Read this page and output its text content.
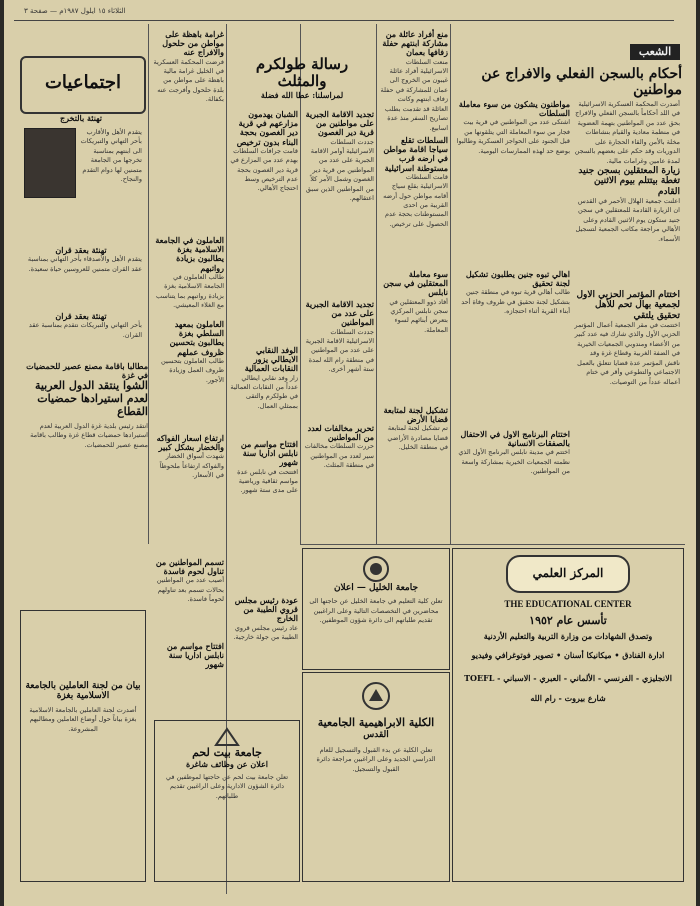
الثلاثاء ١٥ ايلول ١٩٨٧م — صفحة ٣
الشعب
أحكام بالسجن الفعلي والافراج عن مواطنين
أصدرت المحكمة العسكرية الاسرائيلية في اللد أحكاماً بالسجن الفعلي والافراج بحق عدد من المواطنين بتهمة العضوية في منظمة معادية والقيام بنشاطات مخلة بالأمن والقاء الحجارة على الدوريات وقد حكم على بعضهم بالسجن لمدة عامين وغرامات مالية.
زيارة المعتقلين بسجن جنيد تغطة بيتتلم بيوم الاثنين القادم
اعلنت جمعية الهلال الأحمر في القدس ان الزيارة القادمة للمعتقلين في سجن جنيد ستكون يوم الاثنين القادم وعلى الأهالي مراجعة مكاتب الجمعية لتسجيل الأسماء.
اختتام المؤتمر الحزبي الاول لجمعية بهال تحم للأهل تحقيق يلتقي
اختتمت في مقر الجمعية أعمال المؤتمر الحزبي الأول والذي شارك فيه عدد كبير من الأعضاء ومندوبي الجمعيات الخيرية في الضفة الغربية وقطاع غزة وقد ناقش المؤتمر عدة قضايا تتعلق بالعمل الاجتماعي والتطوعي وأقر في ختام أعماله عدداً من التوصيات.
مواطنون يشكون من سوء معاملة السلطات
اشتكى عدد من المواطنين في قرية بيت فجار من سوء المعاملة التي يتلقونها من قبل الجنود على الحواجز العسكرية وطالبوا بوضع حد لهذه الممارسات اليومية.
اهالي تبوه جنين يطلبون تشكيل لجنة تحقيق
طالب أهالي قرية تبوه في منطقة جنين بتشكيل لجنة تحقيق في ظروف وفاة أحد أبناء القرية أثناء احتجازه.
اختتام البرنامج الاول في الاحتفال بالصفقات الانسانية
اختتم في مدينة نابلس البرنامج الأول الذي نظمته الجمعيات الخيرية بمشاركة واسعة من المواطنين.
منع أفراد عائلة من مشاركة ابنتهم حفلة زفافها بعمان
منعت السلطات الاسرائيلية أفراد عائلة غيبون من الخروج الى عمان للمشاركة في حفلة زفاف ابنتهم وكانت العائلة قد تقدمت بطلب تصاريح السفر منذ عدة اسابيع.
السلطات تقلع سياجا اقامة مواطن في ارضه قرب مستوطنة اسرائيلية
قامت السلطات الاسرائيلية بقلع سياج أقامه مواطن حول أرضه القريبة من احدى المستوطنات بحجة عدم الحصول على ترخيص.
سوء معاملة المعتقلين في سجن نابلس
أفاد ذوو المعتقلين في سجن نابلس المركزي بتعرض أبنائهم لسوء المعاملة.
تشكيل لجنة لمتابعة قضايا الأرض
تم تشكيل لجنة لمتابعة قضايا مصادرة الأراضي في منطقة الخليل.
رسالة طولكرم والمثلث
لمراسلنا: عطا الله فضلة
تجديد الاقامة الجبرية على مواطنين من قرية دير الغصون
جددت السلطات الاسرائيلية أوامر الاقامة الجبرية على عدد من المواطنين من قرية دير الغصون وشمل الأمر كلاً من المواطنين الذين سبق اعتقالهم.
تجديد الاقامة الجبرية على عدد من المواطنين
جددت السلطات الاسرائيلية الاقامة الجبرية على عدد من المواطنين في منطقة رام الله لمدة ستة أشهر أخرى.
تحرير مخالفات لعدد من المواطنين
حررت السلطات مخالفات سير لعدد من المواطنين في منطقة المثلث.
الشبان يهدمون مزارعهم في قرية دير الغصون بحجة البناء بدون ترخيص
قامت جرافات السلطات بهدم عدد من المزارع في قرية دير الغصون بحجة عدم الترخيص وسط احتجاج الأهالي.
الوفد النقابي الايطالي يزور النقابات العمالية
زار وفد نقابي ايطالي عدداً من النقابات العمالية في طولكرم والتقى بممثلي العمال.
افتتاح مواسم من نابلس اداريا سنة شهور
افتتحت في نابلس عدة مواسم ثقافية ورياضية على مدى ستة شهور.
عودة رئيس مجلس قروي الطيبة من الخارج
عاد رئيس مجلس قروي الطيبة من جولة خارجية.
غرامة باهظة على مواطن من حلحول والافراج عنه
فرضت المحكمة العسكرية في الخليل غرامة مالية باهظة على مواطن من بلدة حلحول وأفرجت عنه بكفالة.
العاملون في الجامعة الاسلامية بغزة يطالبون بزيادة رواتبهم
طالب العاملون في الجامعة الاسلامية بغزة بزيادة رواتبهم بما يتناسب مع الغلاء المعيشي.
العاملون بمعهد السلطي بغزة يطالبون بتحسين ظروف عملهم
طالب العاملون بتحسين ظروف العمل وزيادة الأجور.
ارتفاع اسعار الفواكه والخضار بشكل كبير
شهدت أسواق الخضار والفواكه ارتفاعاً ملحوظاً في الأسعار.
تسمم المواطنين من تناول لحوم فاسدة
أصيب عدد من المواطنين بحالات تسمم بعد تناولهم لحوماً فاسدة.
افتتاح مواسم من نابلس اداريا سنة شهور
اجتماعيات
تهنئة بالتخرج
يتقدم الأهل والأقارب بأحر التهاني والتبريكات الى ابنتهم بمناسبة تخرجها من الجامعة متمنين لها دوام التقدم والنجاح.
تهنئة بعقد قران
يتقدم الأهل والأصدقاء بأحر التهاني بمناسبة عقد القران متمنين للعروسين حياة سعيدة.
تهنئة بعقد قران
بأحر التهاني والتبريكات نتقدم بمناسبة عقد القران.
مطالبا باقامة مصنع عصير للحمضيات في غزة
الشوا ينتقد الدول العربية لعدم استيرادها حمضيات القطاع
انتقد رئيس بلدية غزة الدول العربية لعدم استيرادها حمضيات قطاع غزة وطالب باقامة مصنع عصير للحمضيات.
بيان من لجنة العاملين بالجامعة الاسلامية بغزة
أصدرت لجنة العاملين بالجامعة الاسلامية بغزة بياناً حول أوضاع العاملين ومطالبهم المشروعة.
المركز العلمي
THE EDUCATIONAL CENTER
تأسس عام ١٩٥٢
وتصدق الشهادات من وزارة التربية والتعليم الأردنية
ادارة الفنادق • ميكانيكا أسنان • تصوير فوتوغرافي وفيديو
الانجليزي - الفرنسي - الألماني - العبري - الاسباني - TOEFL
شارع بيروت - رام الله
جامعة الخليل — اعلان
تعلن كلية التعليم في جامعة الخليل عن حاجتها الى محاضرين في التخصصات التالية وعلى الراغبين تقديم طلباتهم الى دائرة شؤون الموظفين.
الكلية الابراهيمية الجامعية
القدس
تعلن الكلية عن بدء القبول والتسجيل للعام الدراسي الجديد وعلى الراغبين مراجعة دائرة القبول والتسجيل.
جامعة بيت لحم
اعلان عن وظائف شاغرة
تعلن جامعة بيت لحم عن حاجتها لموظفين في دائرة الشؤون الادارية وعلى الراغبين تقديم طلباتهم.
